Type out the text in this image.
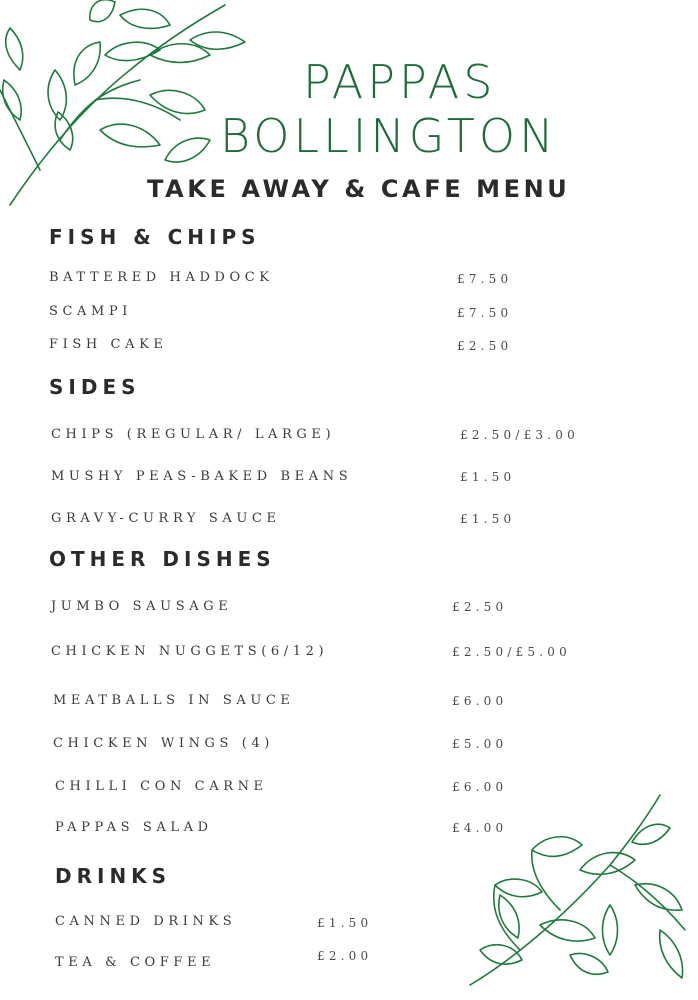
PAPPAS
BOLLINGTON
TAKE AWAY & CAFE MENU
FISH & CHIPS
BATTERED HADDOCK	£7.50
SCAMPI	£7.50
FISH CAKE	£2.50
SIDES
CHIPS (REGULAR/ LARGE)	£2.50/£3.00
MUSHY PEAS-BAKED BEANS	£1.50
GRAVY-CURRY SAUCE	£1.50
OTHER DISHES
JUMBO SAUSAGE	£2.50
CHICKEN NUGGETS(6/12)	£2.50/£5.00
MEATBALLS IN SAUCE	£6.00
CHICKEN WINGS (4)	£5.00
CHILLI CON CARNE	£6.00
PAPPAS SALAD	£4.00
DRINKS
CANNED DRINKS	£1.50
TEA & COFFEE	£2.00
